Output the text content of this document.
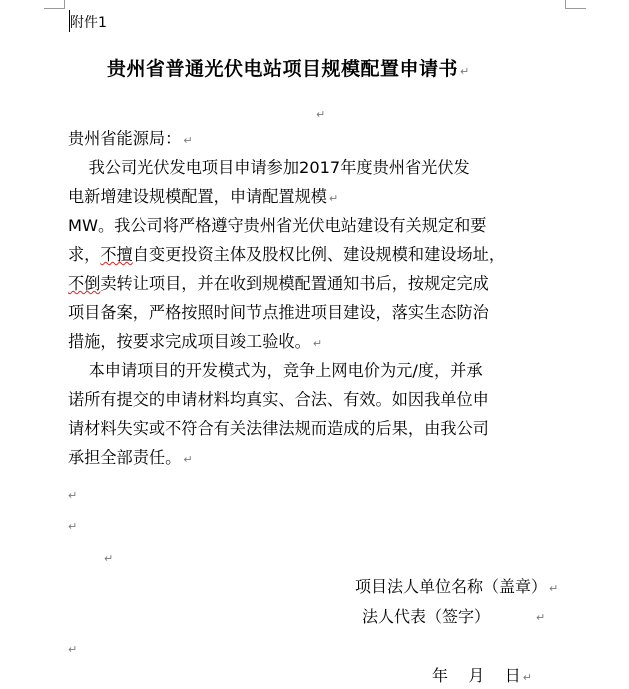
附件1
贵州省普通光伏电站项目规模配置申请书 ↵
↵
贵州省能源局： ↵
我公司光伏发电项目申请参加2017年度贵州省光伏发
电新增建设规模配置，申请配置规模 ↵
MW。我公司将严格遵守贵州省光伏电站建设有关规定和要
求，不擅自变更投资主体及股权比例、建设规模和建设场址，
不倒卖转让项目，并在收到规模配置通知书后，按规定完成
项目备案，严格按照时间节点推进项目建设，落实生态防治
措施，按要求完成项目竣工验收。 ↵
本申请项目的开发模式为，竞争上网电价为元/度，并承
诺所有提交的申请材料均真实、合法、有效。如因我单位申
请材料失实或不符合有关法律法规而造成的后果，由我公司
承担全部责任。 ↵
↵
↵
↵
项目法人单位名称（盖章） ↵
法人代表（签字）	↵
↵
年    月    日 ↵
